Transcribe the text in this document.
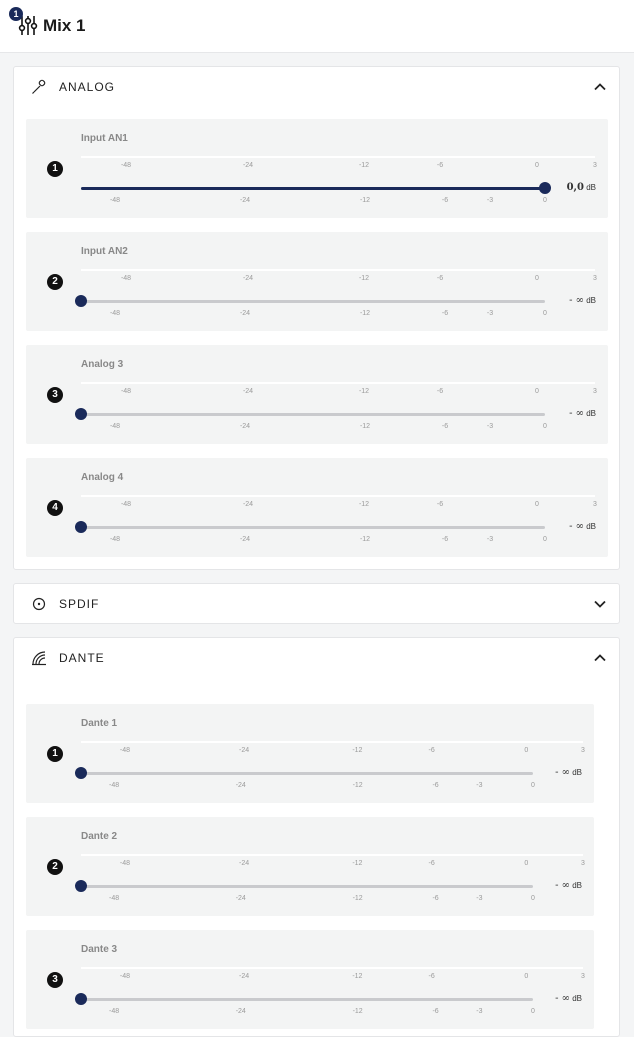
1
Mix 1
ANALOG
1
Input AN1
-48	-24	-12	-6	0	3
-48	-24	-12	-6	-3	0
0,0 dB
2
Input AN2
-48	-24	-12	-6	0	3
-48	-24	-12	-6	-3	0
- ∞ dB
3
Analog 3
-48	-24	-12	-6	0	3
-48	-24	-12	-6	-3	0
- ∞ dB
4
Analog 4
-48	-24	-12	-6	0	3
-48	-24	-12	-6	-3	0
- ∞ dB
SPDIF
DANTE
1
Dante 1
-48	-24	-12	-6	0	3
-48	-24	-12	-6	-3	0
- ∞ dB
2
Dante 2
-48	-24	-12	-6	0	3
-48	-24	-12	-6	-3	0
- ∞ dB
3
Dante 3
-48	-24	-12	-6	0	3
-48	-24	-12	-6	-3	0
- ∞ dB
